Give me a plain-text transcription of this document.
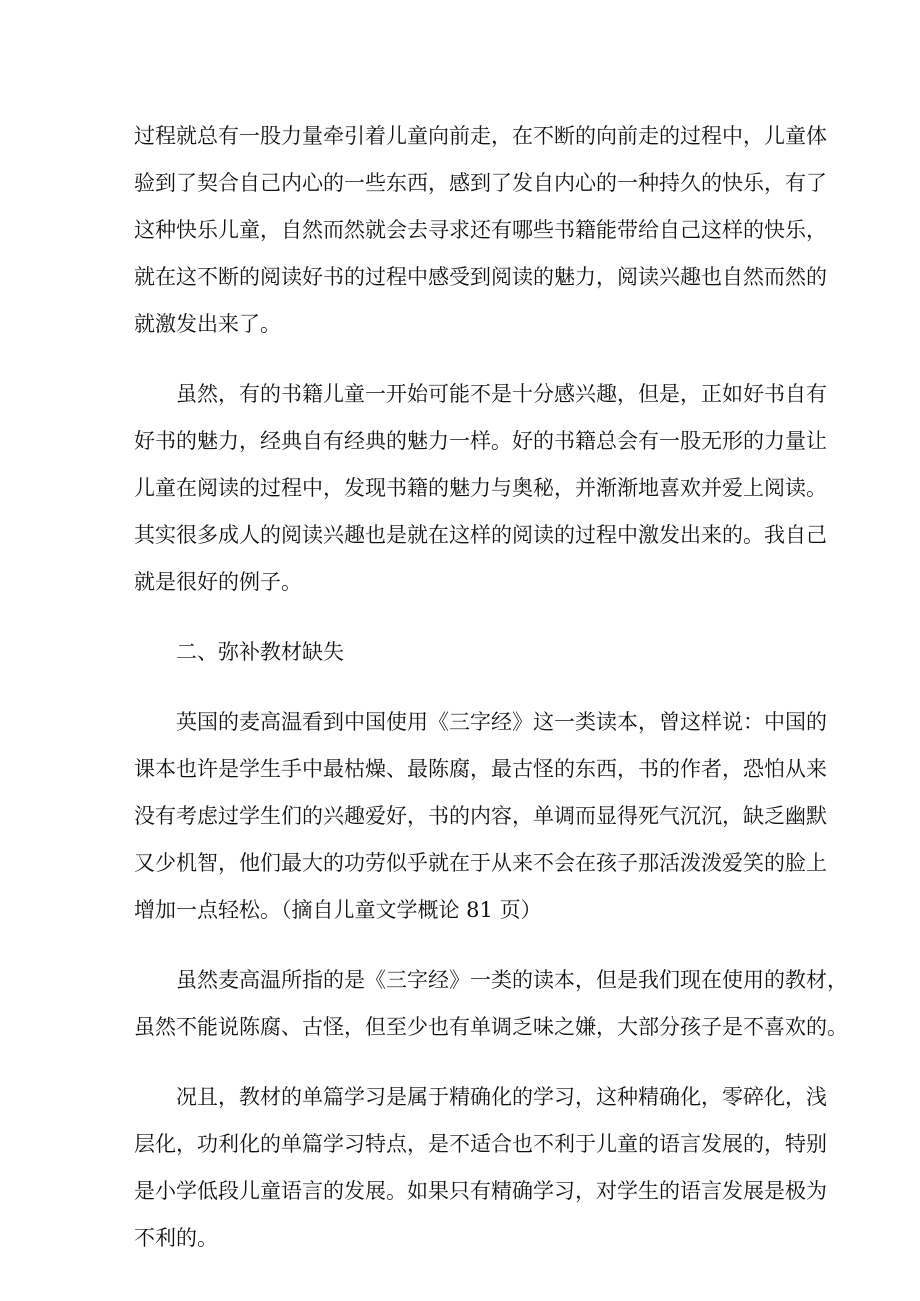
过程就总有一股力量牵引着儿童向前走，在不断的向前走的过程中，儿童体
验到了契合自己内心的一些东西，感到了发自内心的一种持久的快乐，有了
这种快乐儿童，自然而然就会去寻求还有哪些书籍能带给自己这样的快乐，
就在这不断的阅读好书的过程中感受到阅读的魅力，阅读兴趣也自然而然的
就激发出来了。
虽然，有的书籍儿童一开始可能不是十分感兴趣，但是，正如好书自有
好书的魅力，经典自有经典的魅力一样。好的书籍总会有一股无形的力量让
儿童在阅读的过程中，发现书籍的魅力与奥秘，并渐渐地喜欢并爱上阅读。
其实很多成人的阅读兴趣也是就在这样的阅读的过程中激发出来的。我自己
就是很好的例子。
二、弥补教材缺失
英国的麦高温看到中国使用《三字经》这一类读本，曾这样说：中国的
课本也许是学生手中最枯燥、最陈腐，最古怪的东西，书的作者，恐怕从来
没有考虑过学生们的兴趣爱好，书的内容，单调而显得死气沉沉，缺乏幽默
又少机智，他们最大的功劳似乎就在于从来不会在孩子那活泼泼爱笑的脸上
增加一点轻松。（摘自儿童文学概论 81 页）
虽然麦高温所指的是《三字经》一类的读本，但是我们现在使用的教材，
虽然不能说陈腐、古怪，但至少也有单调乏味之嫌，大部分孩子是不喜欢的。
况且，教材的单篇学习是属于精确化的学习，这种精确化，零碎化，浅
层化，功利化的单篇学习特点，是不适合也不利于儿童的语言发展的，特别
是小学低段儿童语言的发展。如果只有精确学习，对学生的语言发展是极为
不利的。
